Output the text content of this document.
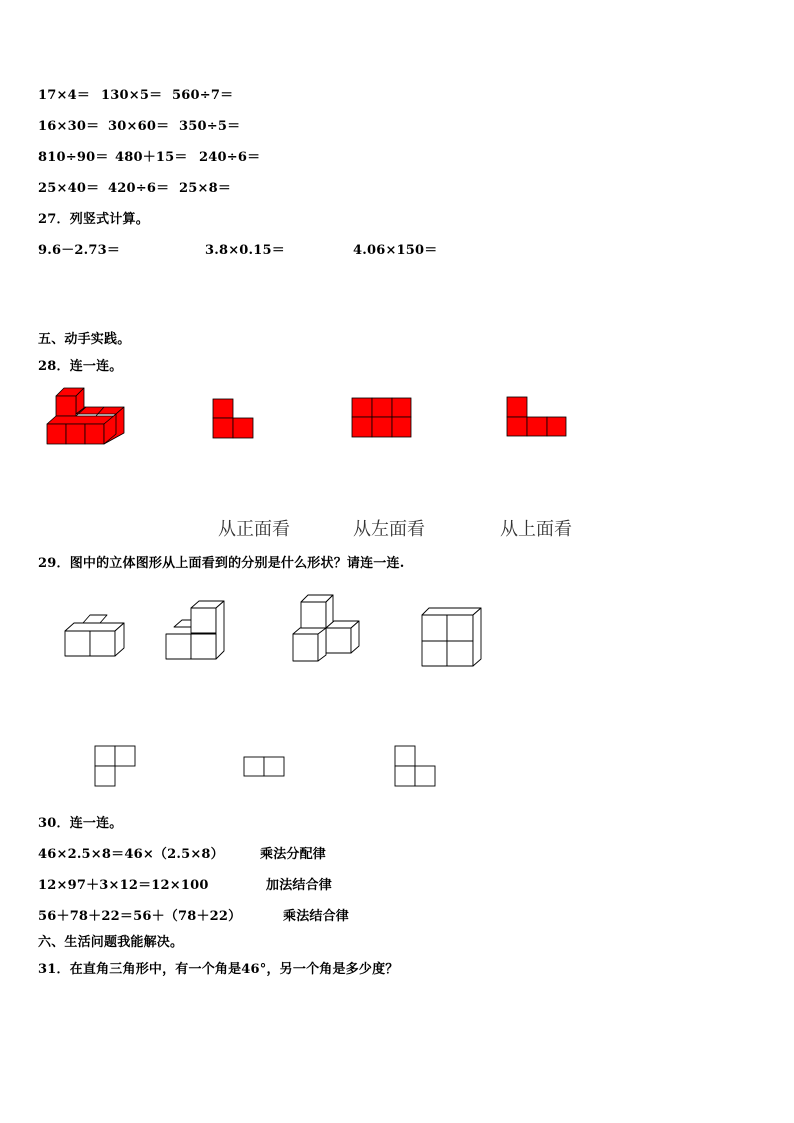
17×4＝ 130×5＝ 560÷7＝
16×30＝ 30×60＝ 350÷5＝
810÷90＝ 480＋15＝ 240÷6＝
25×40＝ 420÷6＝ 25×8＝
27．列竖式计算。
9.6－2.73＝	3.8×0.15＝	4.06×150＝
五、动手实践。
28．连一连。
从正面看	从左面看	从上面看
29．图中的立体图形从上面看到的分别是什么形状？请连一连.
30．连一连。
46×2.5×8＝46×（2.5×8）	乘法分配律
12×97＋3×12＝12×100	加法结合律
56＋78＋22＝56＋（78＋22）	乘法结合律
六、生活问题我能解决。
31．在直角三角形中，有一个角是46°，另一个角是多少度？
